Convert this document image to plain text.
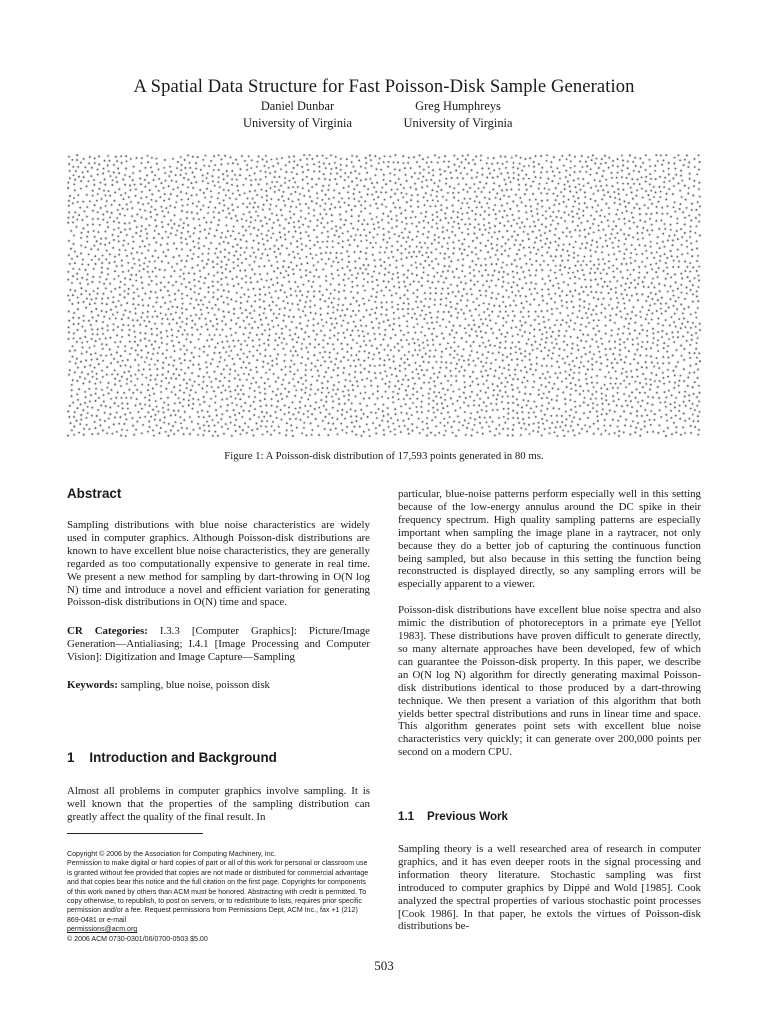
A Spatial Data Structure for Fast Poisson-Disk Sample Generation
Daniel Dunbar
University of Virginia
Greg Humphreys
University of Virginia
Figure 1: A Poisson-disk distribution of 17,593 points generated in 80 ms.
Abstract

Sampling distributions with blue noise characteristics are widely used in computer graphics. Although Poisson-disk distributions are known to have excellent blue noise characteristics, they are generally regarded as too computationally expensive to generate in real time. We present a new method for sampling by dart-throwing in O(N log N) time and introduce a novel and efficient variation for generating Poisson-disk distributions in O(N) time and space.

CR Categories: I.3.3 [Computer Graphics]: Picture/Image Generation—Antialiasing; I.4.1 [Image Processing and Computer Vision]: Digitization and Image Capture—Sampling

Keywords: sampling, blue noise, poisson disk

1 Introduction and Background

Almost all problems in computer graphics involve sampling. It is well known that the properties of the sampling distribution can greatly affect the quality of the final result. In

Copyright © 2006 by the Association for Computing Machinery, Inc.
Permission to make digital or hard copies of part or all of this work for personal or classroom use is granted without fee provided that copies are not made or distributed for commercial advantage and that copies bear this notice and the full citation on the first page. Copyrights for components of this work owned by others than ACM must be honored. Abstracting with credit is permitted. To copy otherwise, to republish, to post on servers, or to redistribute to lists, requires prior specific permission and/or a fee. Request permissions from Permissions Dept, ACM Inc., fax +1 (212) 869-0481 or e-mail
permissions@acm.org
© 2006 ACM 0730-0301/06/0700-0503 $5.00

particular, blue-noise patterns perform especially well in this setting because of the low-energy annulus around the DC spike in their frequency spectrum. High quality sampling patterns are especially important when sampling the image plane in a raytracer, not only because they do a better job of capturing the continuous function being sampled, but also because in this setting the function being reconstructed is displayed directly, so any sampling errors will be especially apparent to a viewer.

Poisson-disk distributions have excellent blue noise spectra and also mimic the distribution of photoreceptors in a primate eye [Yellot 1983]. These distributions have proven difficult to generate directly, so many alternate approaches have been developed, few of which can guarantee the Poisson-disk property. In this paper, we describe an O(N log N) algorithm for directly generating maximal Poisson-disk distributions identical to those produced by a dart-throwing technique. We then present a variation of this algorithm that both yields better spectral distributions and runs in linear time and space. This algorithm generates point sets with excellent blue noise characteristics very quickly; it can generate over 200,000 points per second on a modern CPU.

1.1 Previous Work

Sampling theory is a well researched area of research in computer graphics, and it has even deeper roots in the signal processing and information theory literature. Stochastic sampling was first introduced to computer graphics by Dippé and Wold [1985]. Cook analyzed the spectral properties of various stochastic point processes [Cook 1986]. In that paper, he extols the virtues of Poisson-disk distributions be-

503
